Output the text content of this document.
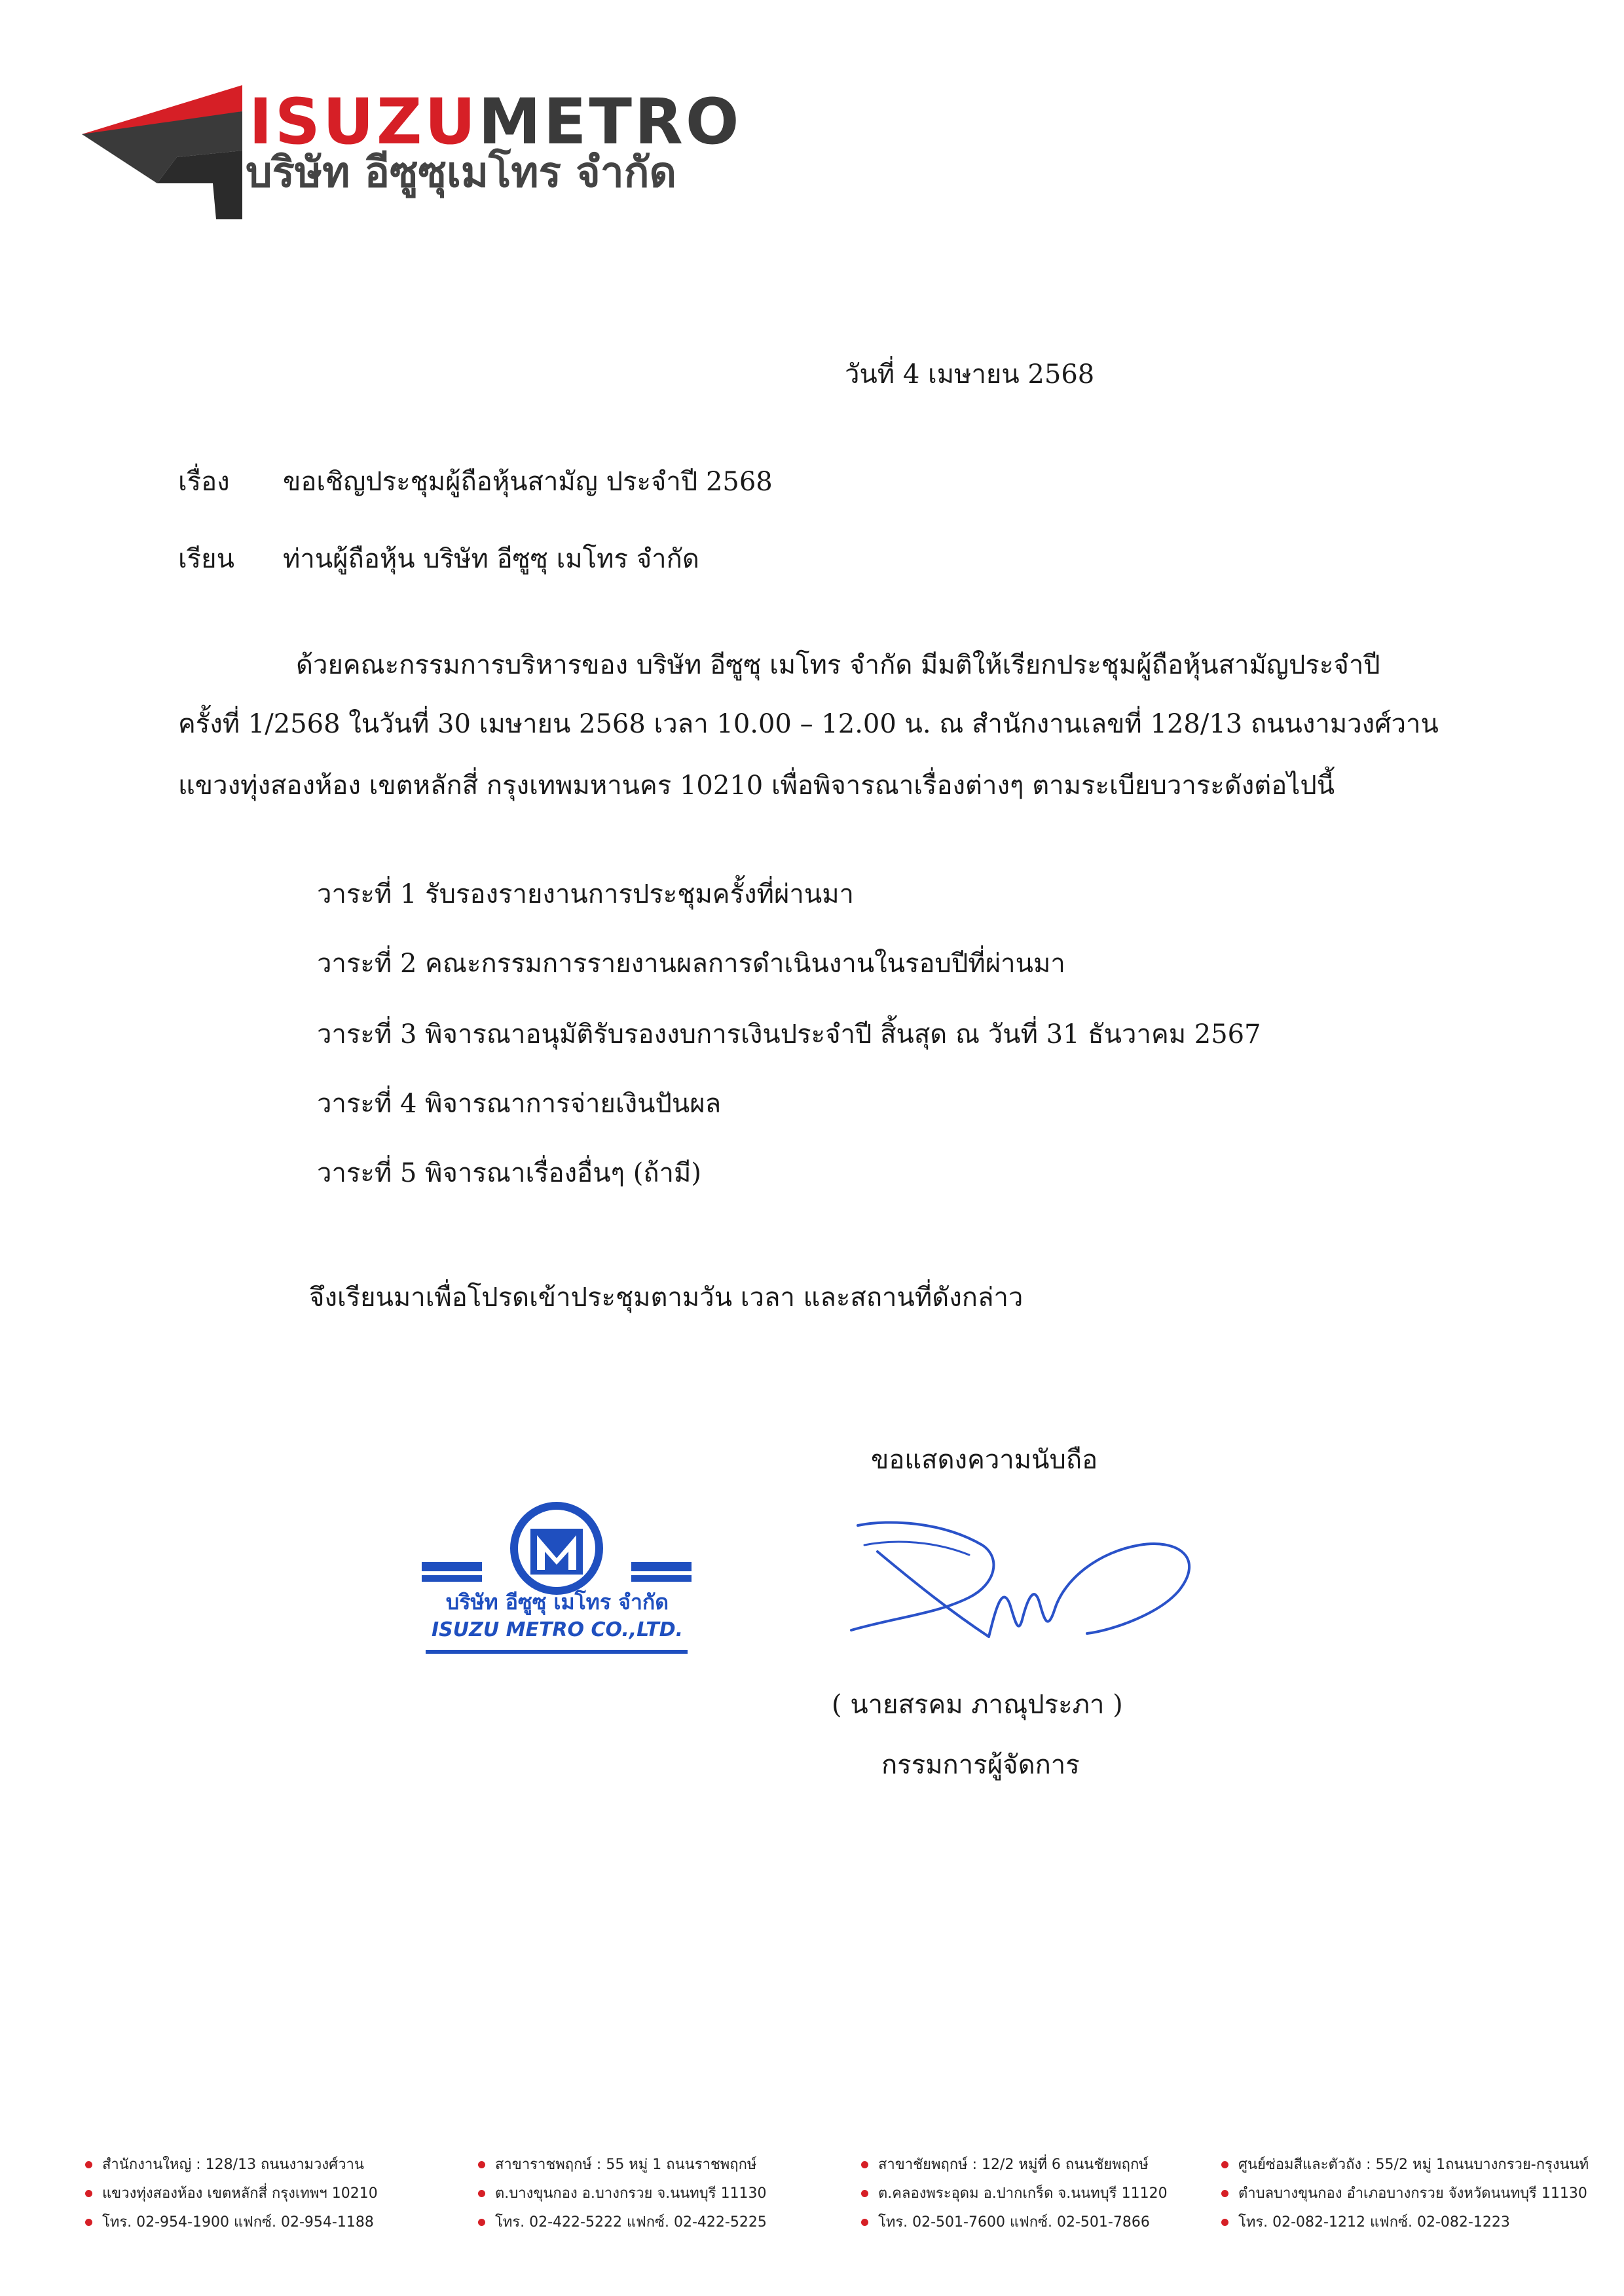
ISUZUMETRO
บริษัท อีซูซุเมโทร จำกัด
วันที่ 4 เมษายน 2568
เรื่อง ขอเชิญประชุมผู้ถือหุ้นสามัญ ประจำปี 2568
เรียน ท่านผู้ถือหุ้น บริษัท อีซูซุ เมโทร จำกัด
ด้วยคณะกรรมการบริหารของ บริษัท อีซูซุ เมโทร จำกัด มีมติให้เรียกประชุมผู้ถือหุ้นสามัญประจำปี
ครั้งที่ 1/2568 ในวันที่ 30 เมษายน 2568 เวลา 10.00 – 12.00 น. ณ สำนักงานเลขที่ 128/13 ถนนงามวงศ์วาน
แขวงทุ่งสองห้อง เขตหลักสี่ กรุงเทพมหานคร 10210 เพื่อพิจารณาเรื่องต่างๆ ตามระเบียบวาระดังต่อไปนี้
วาระที่ 1 รับรองรายงานการประชุมครั้งที่ผ่านมา
วาระที่ 2 คณะกรรมการรายงานผลการดำเนินงานในรอบปีที่ผ่านมา
วาระที่ 3 พิจารณาอนุมัติรับรองงบการเงินประจำปี สิ้นสุด ณ วันที่ 31 ธันวาคม 2567
วาระที่ 4 พิจารณาการจ่ายเงินปันผล
วาระที่ 5 พิจารณาเรื่องอื่นๆ (ถ้ามี)
จึงเรียนมาเพื่อโปรดเข้าประชุมตามวัน เวลา และสถานที่ดังกล่าว
ขอแสดงความนับถือ
บริษัท อีซูซุ เมโทร จำกัด
ISUZU METRO CO.,LTD.
( นายสรคม ภาณุประภา )
กรรมการผู้จัดการ
สำนักงานใหญ่ : 128/13 ถนนงามวงศ์วาน
แขวงทุ่งสองห้อง เขตหลักสี่ กรุงเทพฯ 10210
โทร. 02-954-1900 แฟกซ์. 02-954-1188
สาขาราชพฤกษ์ : 55 หมู่ 1 ถนนราชพฤกษ์
ต.บางขุนกอง อ.บางกรวย จ.นนทบุรี 11130
โทร. 02-422-5222 แฟกซ์. 02-422-5225
สาขาชัยพฤกษ์ : 12/2 หมู่ที่ 6 ถนนชัยพฤกษ์
ต.คลองพระอุดม อ.ปากเกร็ด จ.นนทบุรี 11120
โทร. 02-501-7600 แฟกซ์. 02-501-7866
ศูนย์ซ่อมสีและตัวถัง : 55/2 หมู่ 1ถนนบางกรวย-กรุงนนท์
ตำบลบางขุนกอง อำเภอบางกรวย จังหวัดนนทบุรี 11130
โทร. 02-082-1212 แฟกซ์. 02-082-1223
